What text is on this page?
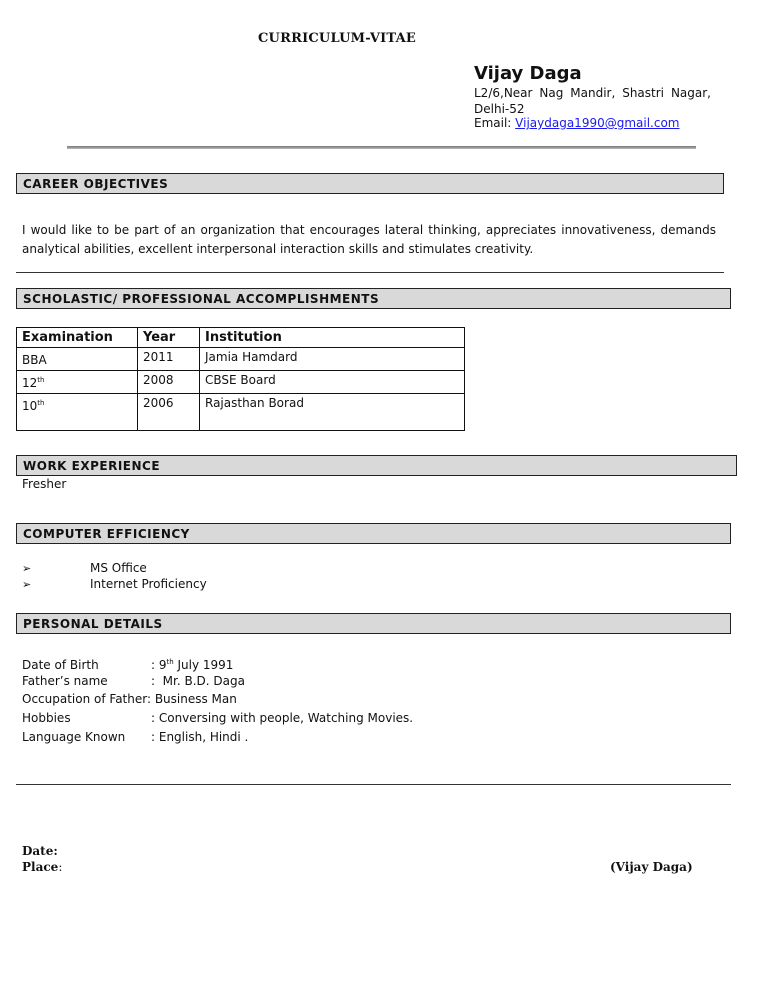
CURRICULUM-VITAE
Vijay Daga
L2/6,Near Nag Mandir, Shastri Nagar, Delhi-52
Email: Vijaydaga1990@gmail.com
CAREER OBJECTIVES
I would like to be part of an organization that encourages lateral thinking, appreciates innovativeness, demands analytical abilities, excellent interpersonal interaction skills and stimulates creativity.
SCHOLASTIC/ PROFESSIONAL ACCOMPLISHMENTS
Examination	Year	Institution
BBA	2011	Jamia Hamdard
12th	2008	CBSE Board
10th	2006	Rajasthan Borad
WORK EXPERIENCE
Fresher
COMPUTER EFFICIENCY
➢	MS Office
➢	Internet Proficiency
PERSONAL DETAILS
Date of Birth	: 9th July 1991
Father’s name	:  Mr. B.D. Daga
Occupation of Father: Business Man
Hobbies	: Conversing with people, Watching Movies.
Language Known : English, Hindi .
Date:
Place:	(Vijay Daga)
